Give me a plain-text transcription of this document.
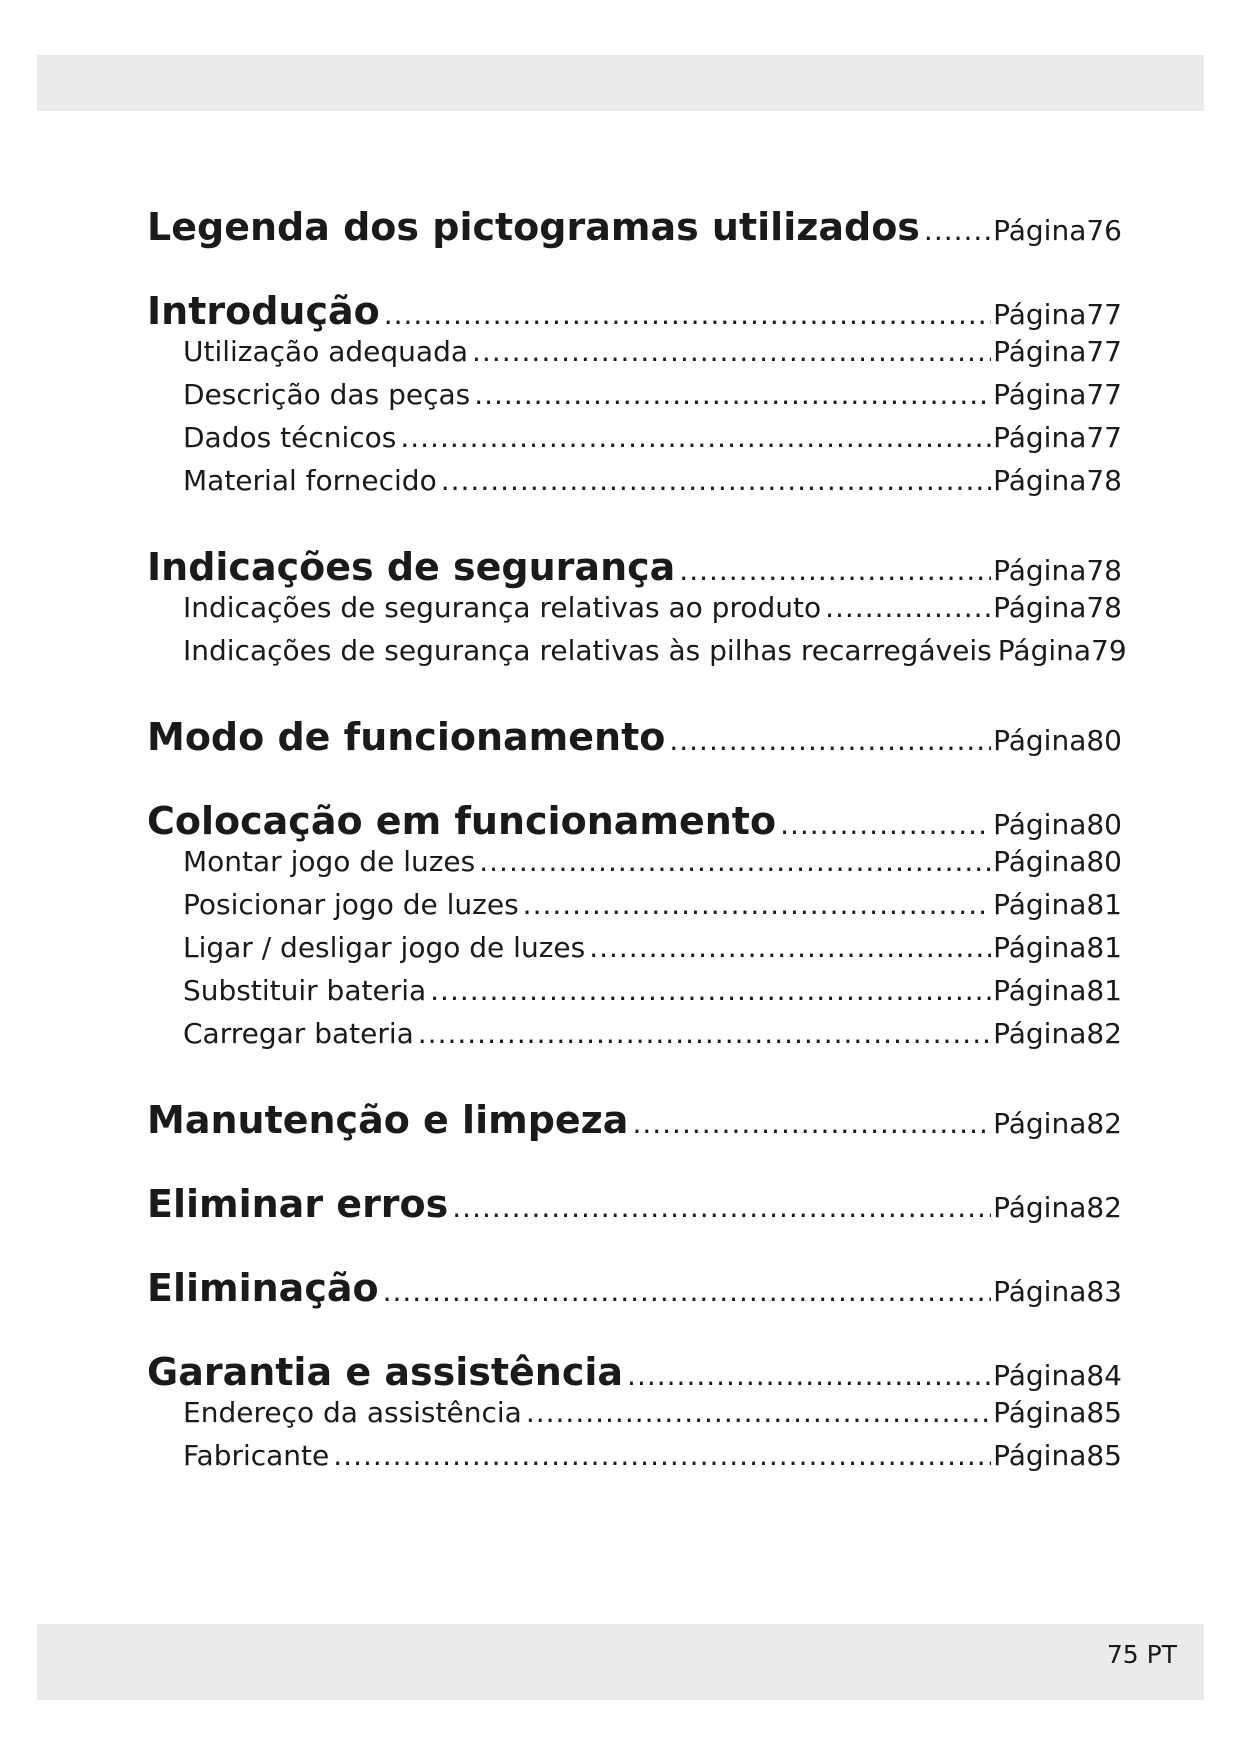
Legenda dos pictogramas utilizados .....	Página 76
Introdução .....	Página 77
Utilização adequada .....	Página 77
Descrição das peças .....	Página 77
Dados técnicos .....	Página 77
Material fornecido .....	Página 78
Indicações de segurança .....	Página 78
Indicações de segurança relativas ao produto .....	Página 78
Indicações de segurança relativas às pilhas recarregáveis Página 79
Modo de funcionamento .....	Página 80
Colocação em funcionamento .....	Página 80
Montar jogo de luzes .....	Página 80
Posicionar jogo de luzes .....	Página 81
Ligar / desligar jogo de luzes .....	Página 81
Substituir bateria .....	Página 81
Carregar bateria .....	Página 82
Manutenção e limpeza .....	Página 82
Eliminar erros .....	Página 82
Eliminação .....	Página 83
Garantia e assistência .....	Página 84
Endereço da assistência .....	Página 85
Fabricante .....	Página 85
75 PT
